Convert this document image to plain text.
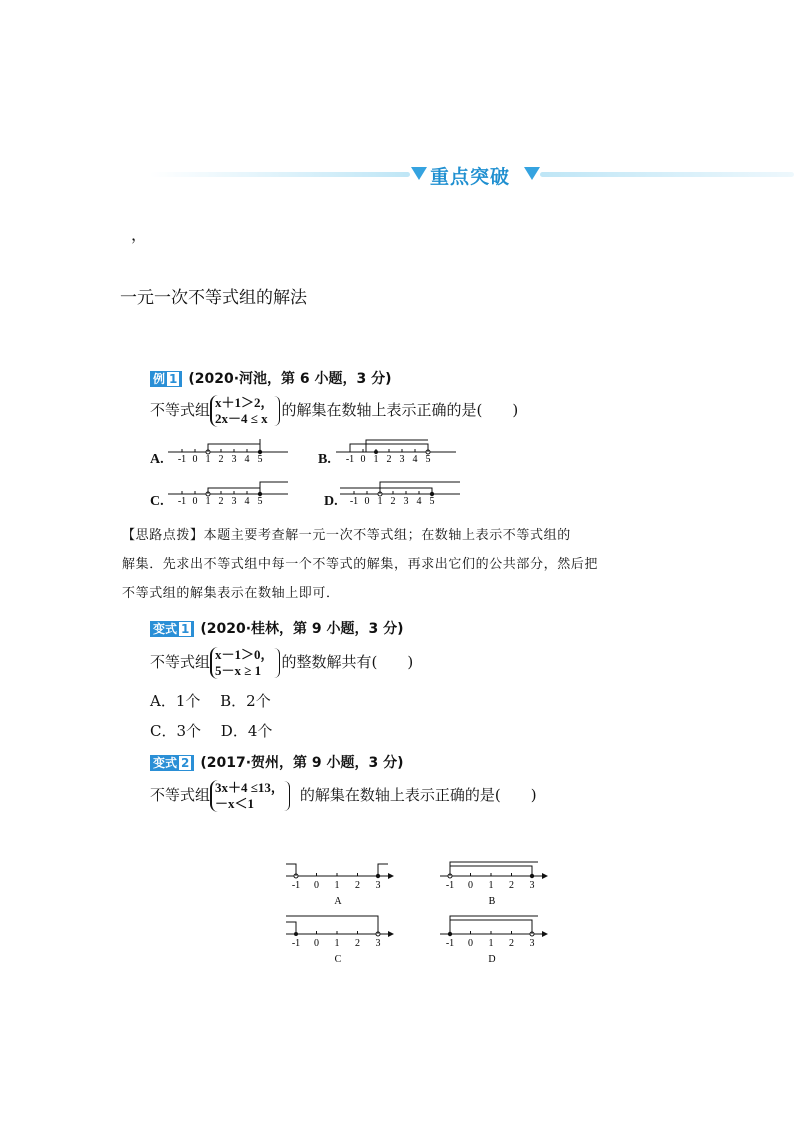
重点突破
，
一元一次不等式组的解法
例 1 (2020·河池，第 6 小题，3 分)
不等式组 x＋1＞2，
2x－4 ≤ x 的解集在数轴上表示正确的是(　　)
A. -1 0 1 2 3 4 5	B. -1 0 1 2 3 4 5
C. -1 0 1 2 3 4 5	D. -1 0 1 2 3 4 5
【思路点拨】本题主要考查解一元一次不等式组；在数轴上表示不等式组的
解集．先求出不等式组中每一个不等式的解集，再求出它们的公共部分，然后把
不等式组的解集表示在数轴上即可．
变式 1 (2020·桂林，第 9 小题，3 分)
不等式组 x－1＞0，
5－x ≥ 1 的整数解共有(　　)
A．1个　 B．2个
C．3个　 D．4个
变式 2 (2017·贺州，第 9 小题，3 分)
不等式组 3x＋4 ≤13，
－x＜1	的解集在数轴上表示正确的是(　　)
-1 0 1 2 3
A
-1 0 1 2 3
B
-1 0 1 2 3
C
-1 0 1 2 3
D
